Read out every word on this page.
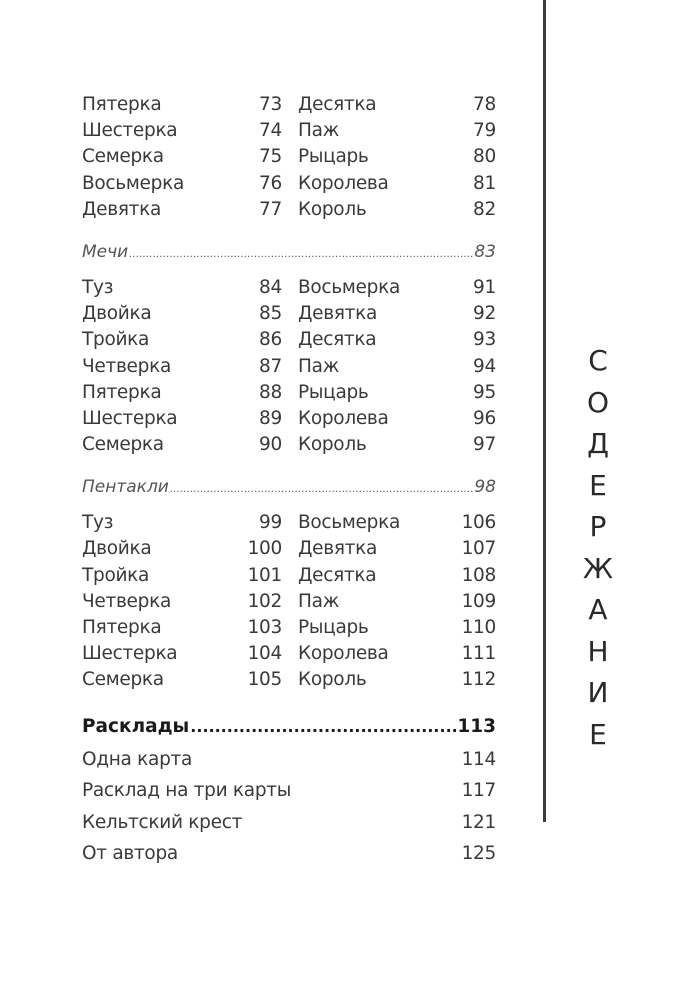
С
О
Д
Е
Р
Ж
А
Н
И
Е
Пятерка	73
Шестерка	74
Семерка	75
Восьмерка	76
Девятка	77
Десятка	78
Паж	79
Рыцарь	80
Королева	81
Король	82
Мечи .....	83
Туз	84
Двойка	85
Тройка	86
Четверка	87
Пятерка	88
Шестерка	89
Семерка	90
Восьмерка	91
Девятка	92
Десятка	93
Паж	94
Рыцарь	95
Королева	96
Король	97
Пентакли .....	98
Туз	99
Двойка	100
Тройка	101
Четверка	102
Пятерка	103
Шестерка	104
Семерка	105
Восьмерка	106
Девятка	107
Десятка	108
Паж	109
Рыцарь	110
Королева	111
Король	112
Расклады .....	113
Одна карта	114
Расклад на три карты	117
Кельтский крест	121
От автора	125
